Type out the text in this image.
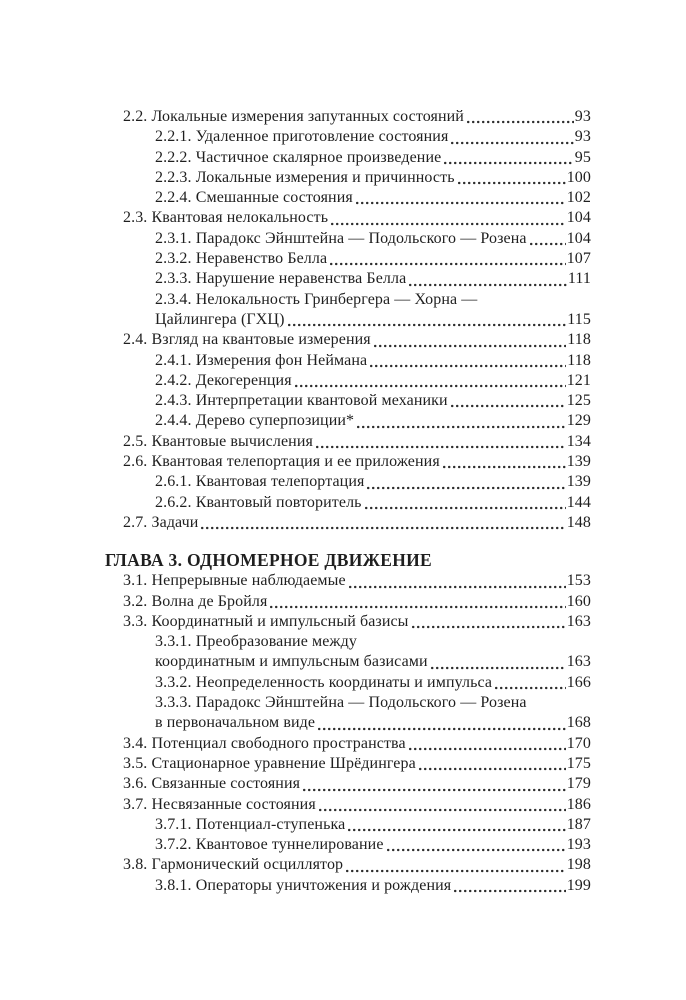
2.2. Локальные измерения запутанных состояний	93
2.2.1. Удаленное приготовление состояния	93
2.2.2. Частичное скалярное произведение	95
2.2.3. Локальные измерения и причинность	100
2.2.4. Смешанные состояния	102
2.3. Квантовая нелокальность	104
2.3.1. Парадокс Эйнштейна — Подольского — Розена	104
2.3.2. Неравенство Белла	107
2.3.3. Нарушение неравенства Белла	111
2.3.4. Нелокальность Гринбергера — Хорна —
Цайлингера (ГХЦ)	115
2.4. Взгляд на квантовые измерения	118
2.4.1. Измерения фон Неймана	118
2.4.2. Декогеренция	121
2.4.3. Интерпретации квантовой механики	125
2.4.4. Дерево суперпозиции*	129
2.5. Квантовые вычисления	134
2.6. Квантовая телепортация и ее приложения	139
2.6.1. Квантовая телепортация	139
2.6.2. Квантовый повторитель	144
2.7. Задачи	148
ГЛАВА 3. ОДНОМЕРНОЕ ДВИЖЕНИЕ
3.1. Непрерывные наблюдаемые	153
3.2. Волна де Бройля	160
3.3. Координатный и импульсный базисы	163
3.3.1. Преобразование между
координатным и импульсным базисами	163
3.3.2. Неопределенность координаты и импульса	166
3.3.3. Парадокс Эйнштейна — Подольского — Розена
в первоначальном виде	168
3.4. Потенциал свободного пространства	170
3.5. Стационарное уравнение Шрёдингера	175
3.6. Связанные состояния	179
3.7. Несвязанные состояния	186
3.7.1. Потенциал-ступенька	187
3.7.2. Квантовое туннелирование	193
3.8. Гармонический осциллятор	198
3.8.1. Операторы уничтожения и рождения	199
